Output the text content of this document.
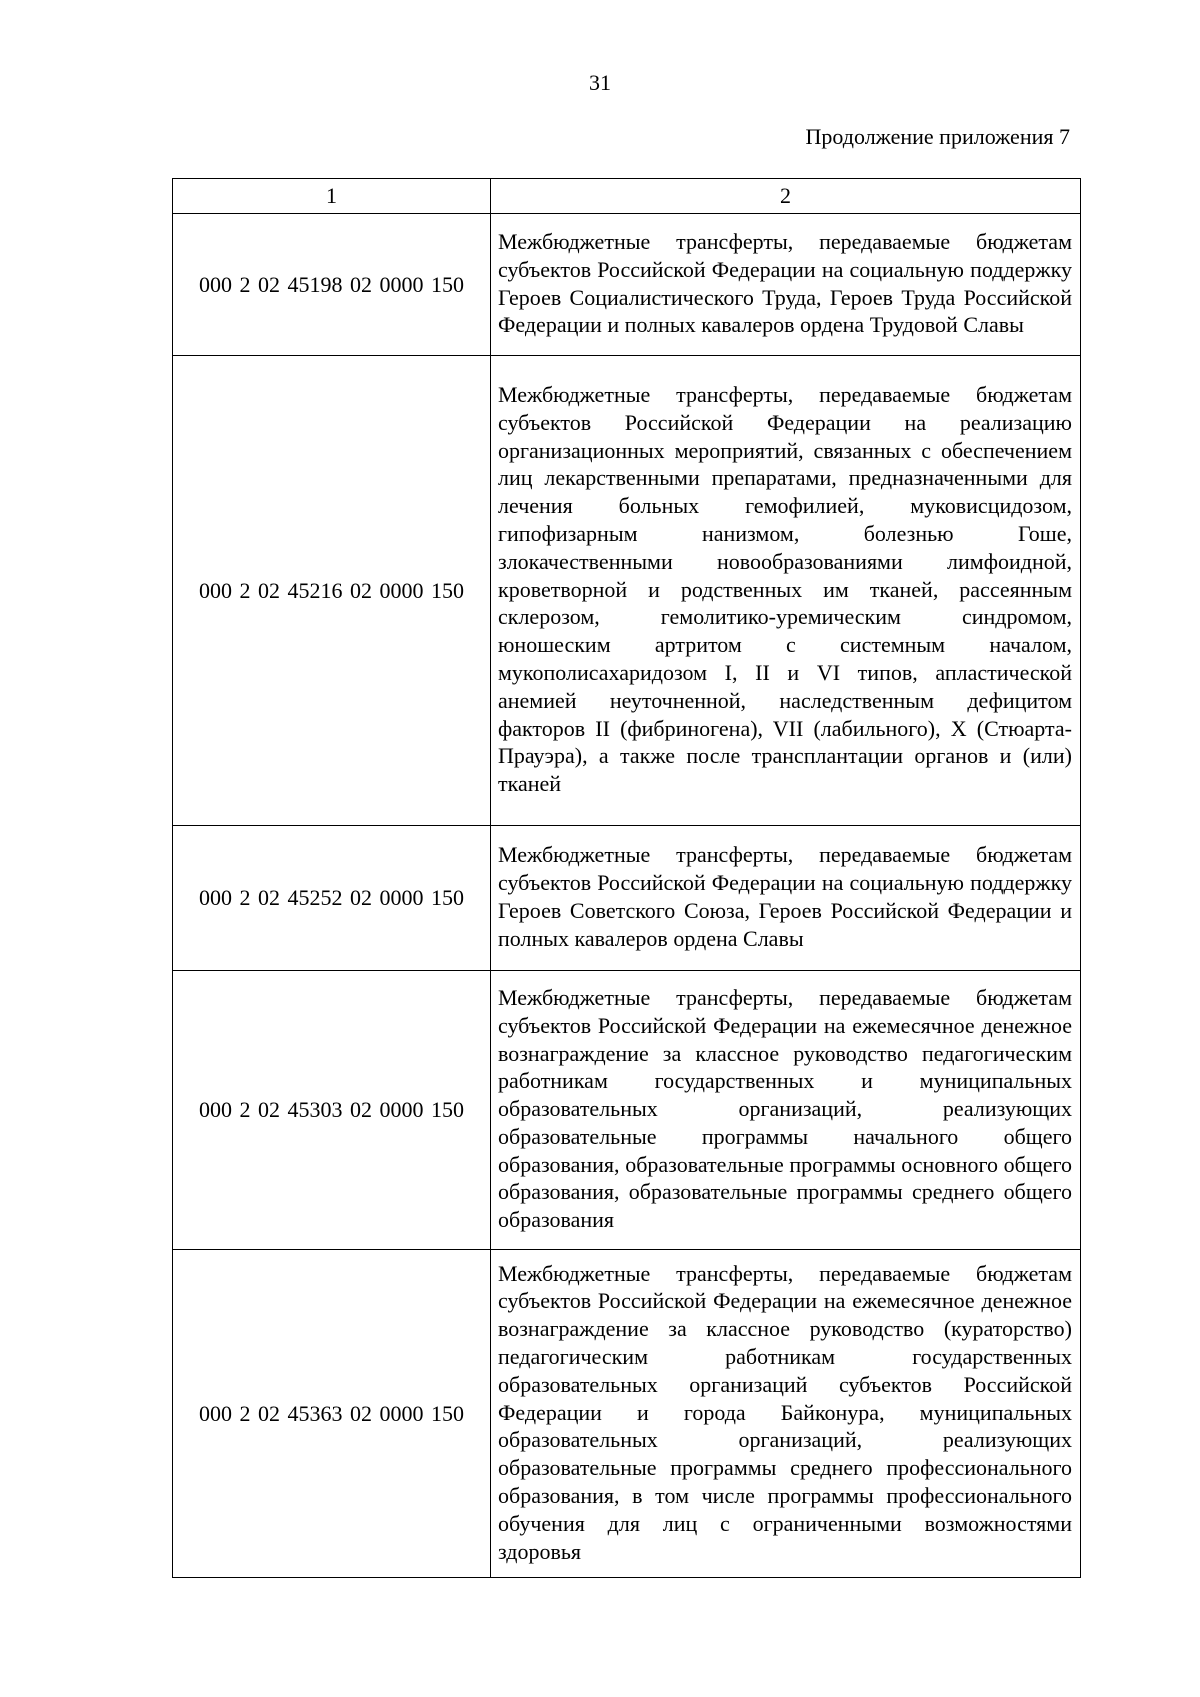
31
Продолжение приложения 7
1	2
000 2 02 45198 02 0000 150	Межбюджетные трансферты, передаваемые бюджетам субъектов Российской Федерации на социальную поддержку Героев Социалистического Труда, Героев Труда Российской Федерации и полных кавалеров ордена Трудовой Славы
000 2 02 45216 02 0000 150	Межбюджетные трансферты, передаваемые бюджетам субъектов Российской Федерации на реализацию организационных мероприятий, связанных с обеспечением лиц лекарственными препаратами, предназначенными для лечения больных гемофилией, муковисцидозом, гипофизарным нанизмом, болезнью Гоше, злокачественными новообразованиями лимфоидной, кроветворной и родственных им тканей, рассеянным склерозом, гемолитико-уремическим синдромом, юношеским артритом с системным началом, мукополисахаридозом I, II и VI типов, апластической анемией неуточненной, наследственным дефицитом факторов II (фибриногена), VII (лабильного), X (Стюарта-Прауэра), а также после трансплантации органов и (или) тканей
000 2 02 45252 02 0000 150	Межбюджетные трансферты, передаваемые бюджетам субъектов Российской Федерации на социальную поддержку Героев Советского Союза, Героев Российской Федерации и полных кавалеров ордена Славы
000 2 02 45303 02 0000 150	Межбюджетные трансферты, передаваемые бюджетам субъектов Российской Федерации на ежемесячное денежное вознаграждение за классное руководство педагогическим работникам государственных и муниципальных образовательных организаций, реализующих образовательные программы начального общего образования, образовательные программы основного общего образования, образовательные программы среднего общего образования
000 2 02 45363 02 0000 150	Межбюджетные трансферты, передаваемые бюджетам субъектов Российской Федерации на ежемесячное денежное вознаграждение за классное руководство (кураторство) педагогическим работникам государственных образовательных организаций субъектов Российской Федерации и города Байконура, муниципальных образовательных организаций, реализующих образовательные программы среднего профессионального образования, в том числе программы профессионального обучения для лиц с ограниченными возможностями здоровья
